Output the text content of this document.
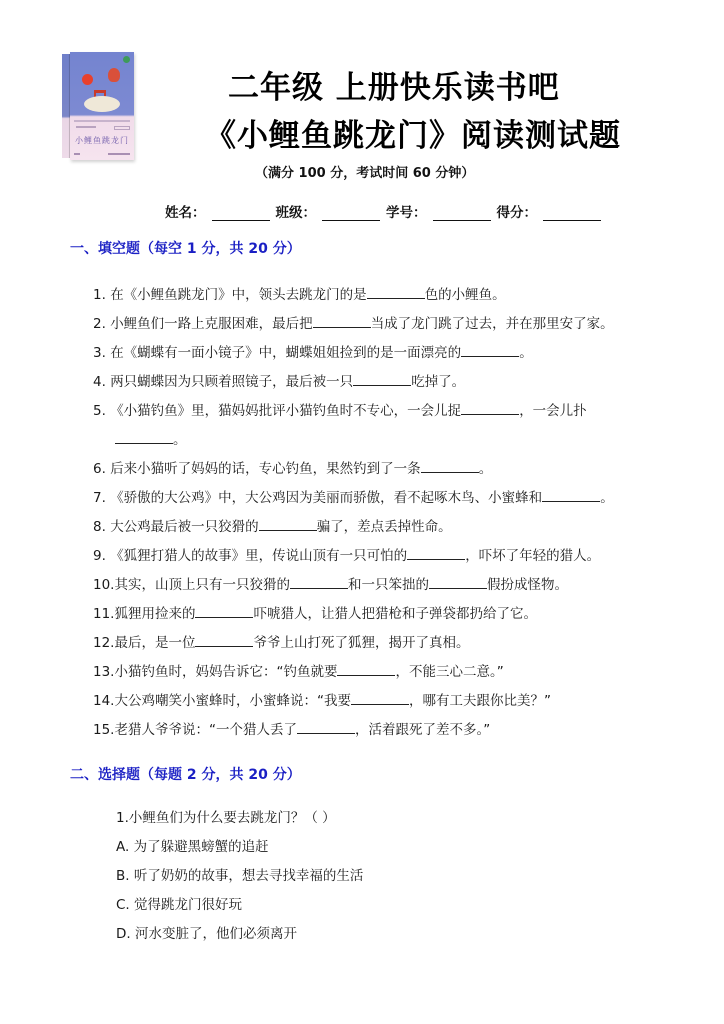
小鲤鱼跳龙门
二年级 上册快乐读书吧
《小鲤鱼跳龙门》阅读测试题
（满分 100 分，考试时间 60 分钟）
姓名：	班级：	学号：	得分：
一、填空题（每空 1 分，共 20 分）
1. 在《小鲤鱼跳龙门》中，领头去跳龙门的是	色的小鲤鱼。
2. 小鲤鱼们一路上克服困难，最后把	当成了龙门跳了过去，并在那里安了家。
3. 在《蝴蝶有一面小镜子》中，蝴蝶姐姐捡到的是一面漂亮的	。
4. 两只蝴蝶因为只顾着照镜子，最后被一只	吃掉了。
5. 《小猫钓鱼》里，猫妈妈批评小猫钓鱼时不专心，一会儿捉	，一会儿扑
。
6. 后来小猫听了妈妈的话，专心钓鱼，果然钓到了一条	。
7. 《骄傲的大公鸡》中，大公鸡因为美丽而骄傲，看不起啄木鸟、小蜜蜂和	。
8. 大公鸡最后被一只狡猾的	骗了，差点丢掉性命。
9. 《狐狸打猎人的故事》里，传说山顶有一只可怕的	，吓坏了年轻的猎人。
10.其实，山顶上只有一只狡猾的	和一只笨拙的	假扮成怪物。
11.狐狸用捡来的	吓唬猎人，让猎人把猎枪和子弹袋都扔给了它。
12.最后，是一位	爷爷上山打死了狐狸，揭开了真相。
13.小猫钓鱼时，妈妈告诉它：“钓鱼就要	，不能三心二意。”
14.大公鸡嘲笑小蜜蜂时，小蜜蜂说：“我要	，哪有工夫跟你比美？”
15.老猎人爷爷说：“一个猎人丢了	，活着跟死了差不多。”
二、选择题（每题 2 分，共 20 分）
1.小鲤鱼们为什么要去跳龙门？（ ）
A. 为了躲避黑螃蟹的追赶
B. 听了奶奶的故事，想去寻找幸福的生活
C. 觉得跳龙门很好玩
D. 河水变脏了，他们必须离开
